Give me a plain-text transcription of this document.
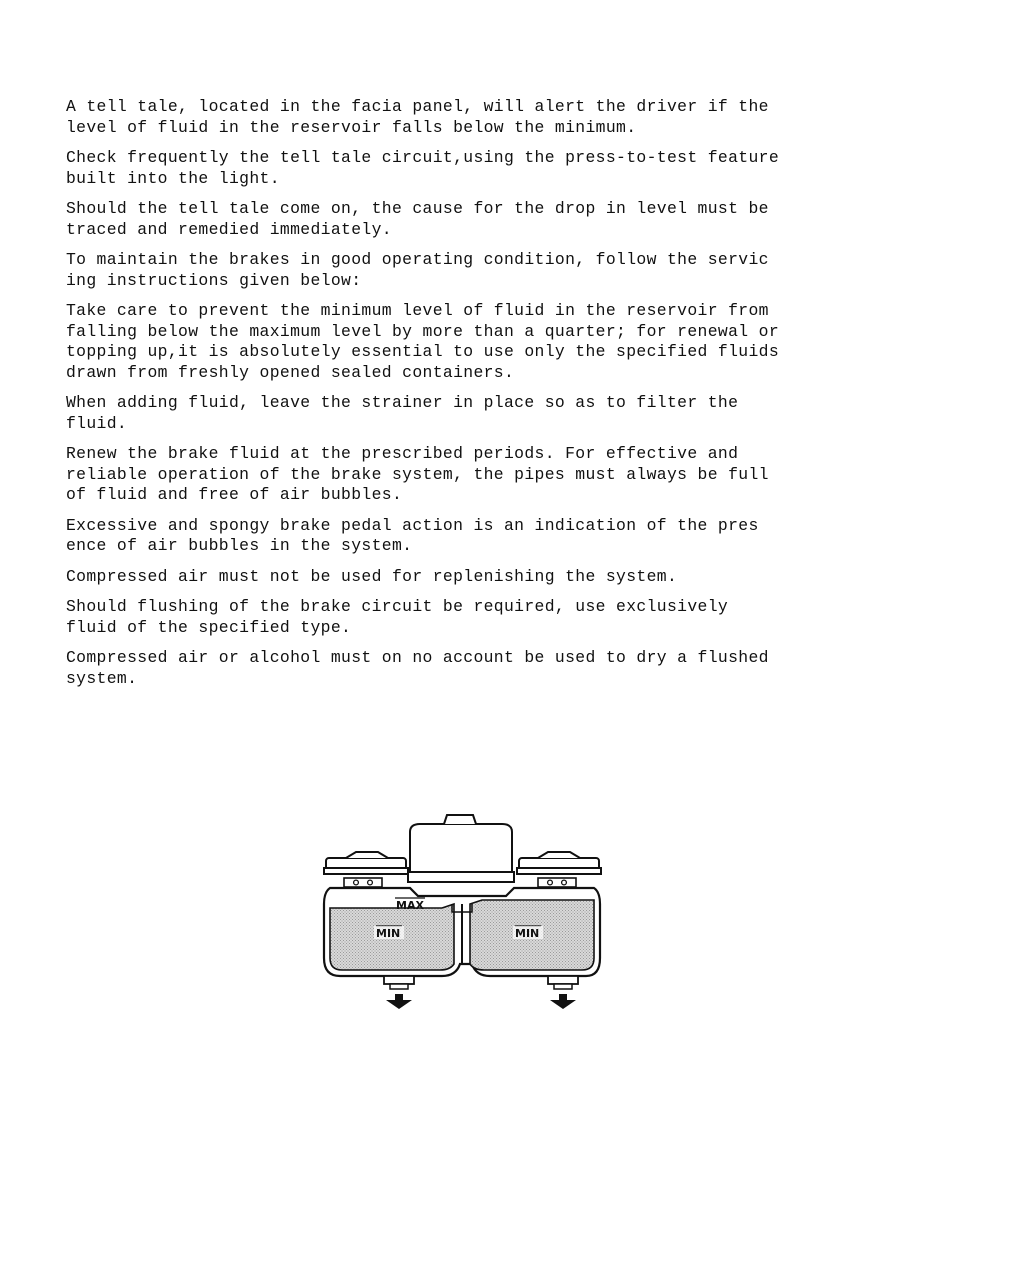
A tell tale, located in the facia panel, will alert the driver if the
level of fluid in the reservoir falls below the minimum.

Check frequently the tell tale circuit,using the press-to-test feature
built into the light.

Should the tell tale come on, the cause for the drop in level must be
traced and remedied immediately.

To maintain the brakes in good operating condition, follow the servic
ing instructions given below:

Take care to prevent the minimum level of fluid in the reservoir from
falling below the maximum level by more than a quarter; for renewal or
topping up,it is absolutely essential to use only the specified fluids
drawn from freshly opened sealed containers.

When adding fluid, leave the strainer in place so as to filter the
fluid.

Renew the brake fluid at the prescribed periods. For effective and
reliable operation of the brake system, the pipes must always be full
of fluid and free of air bubbles.

Excessive and spongy brake pedal action is an indication of the pres
ence of air bubbles in the system.

Compressed air must not be used for replenishing the system.

Should flushing of the brake circuit be required, use exclusively
fluid of the specified type.

Compressed air or alcohol must on no account be used to dry a flushed
system.

MAX
MIN	MIN
